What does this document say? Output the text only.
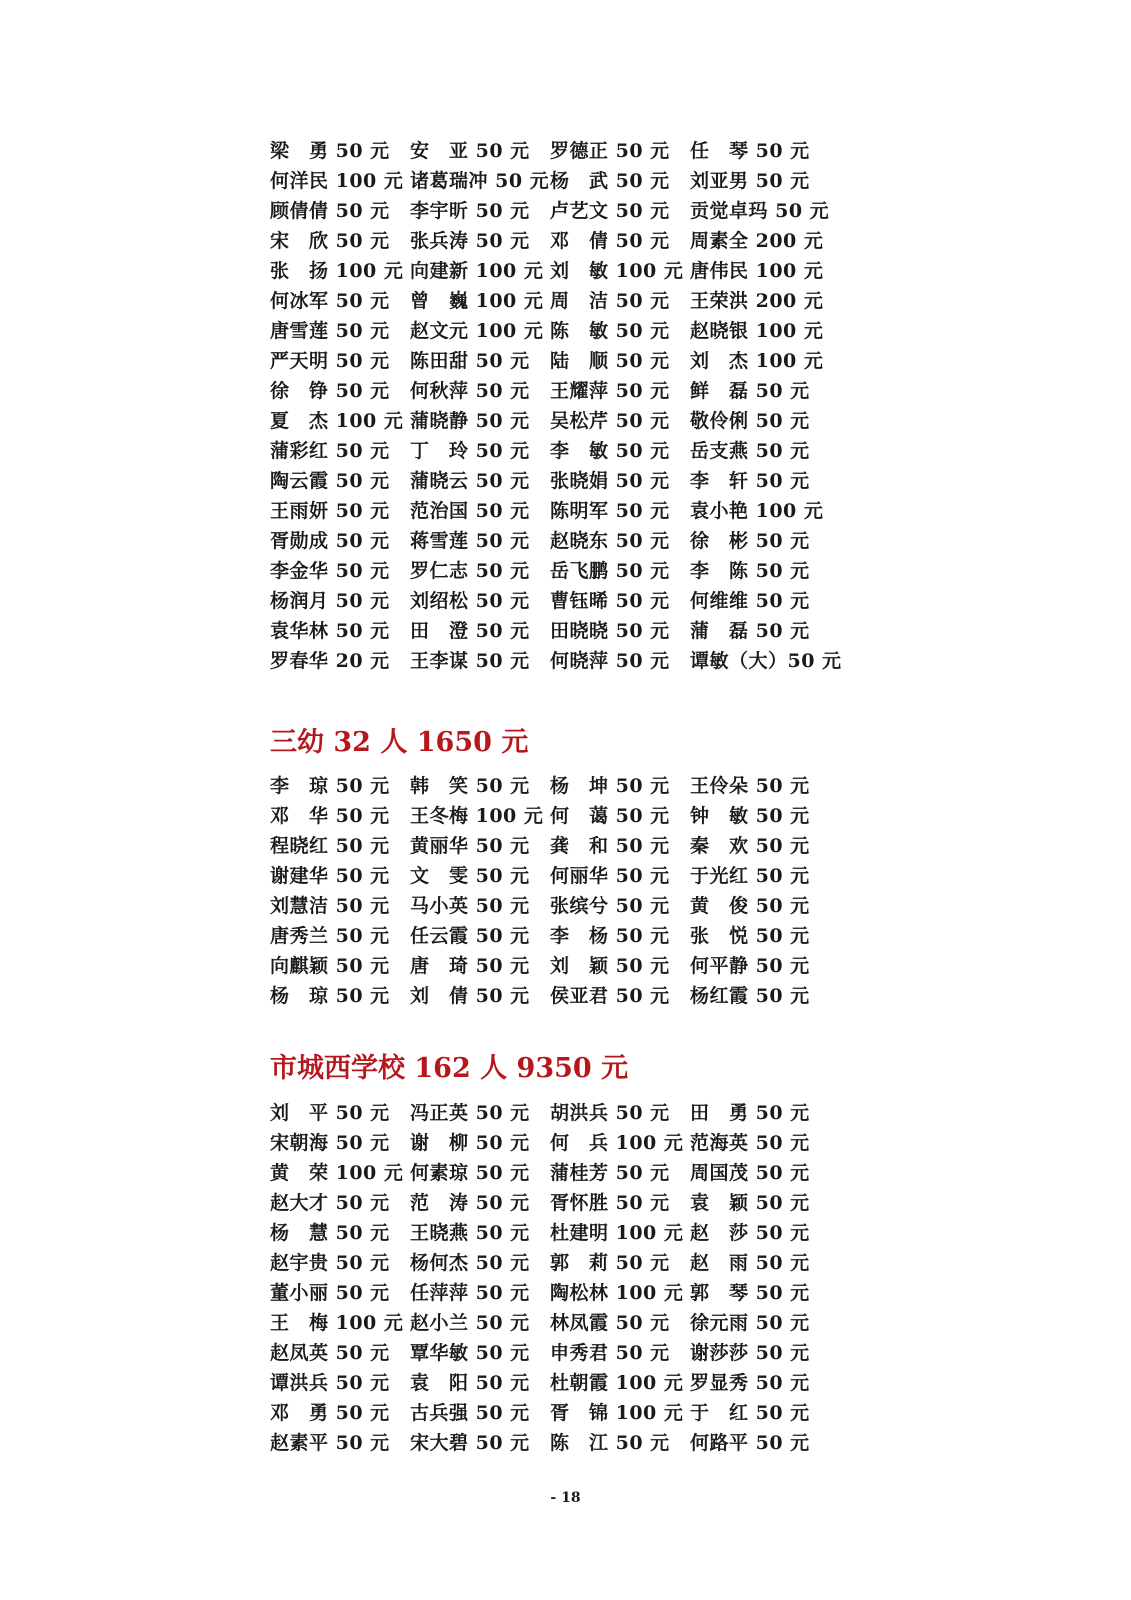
梁　勇 50 元	安　亚 50 元	罗德正 50 元	任　琴 50 元
何洋民 100 元 诸葛瑞冲 50 元 杨　武 50 元	刘亚男 50 元
顾倩倩 50 元	李宇昕 50 元	卢艺文 50 元	贡觉卓玛 50 元
宋　欣 50 元	张兵涛 50 元	邓　倩 50 元	周素全 200 元
张　扬 100 元 向建新 100 元 刘　敏 100 元 唐伟民 100 元
何冰军 50 元	曾　巍 100 元 周　洁 50 元	王荣洪 200 元
唐雪莲 50 元	赵文元 100 元 陈　敏 50 元	赵晓银 100 元
严天明 50 元	陈田甜 50 元	陆　顺 50 元	刘　杰 100 元
徐　铮 50 元	何秋萍 50 元	王耀萍 50 元	鲜　磊 50 元
夏　杰 100 元 蒲晓静 50 元	吴松芹 50 元	敬伶俐 50 元
蒲彩红 50 元	丁　玲 50 元	李　敏 50 元	岳支燕 50 元
陶云霞 50 元	蒲晓云 50 元	张晓娟 50 元	李　轩 50 元
王雨妍 50 元	范治国 50 元	陈明军 50 元	袁小艳 100 元
胥勋成 50 元	蒋雪莲 50 元	赵晓东 50 元	徐　彬 50 元
李金华 50 元	罗仁志 50 元	岳飞鹏 50 元	李　陈 50 元
杨润月 50 元	刘绍松 50 元	曹钰晞 50 元	何维维 50 元
袁华林 50 元	田　澄 50 元	田晓晓 50 元	蒲　磊 50 元
罗春华 20 元	王李谋 50 元	何晓萍 50 元	谭敏（大）50 元
三幼 32 人 1650 元
李　琼 50 元	韩　笑 50 元	杨　坤 50 元	王伶朵 50 元
邓　华 50 元	王冬梅 100 元 何　蔼 50 元	钟　敏 50 元
程晓红 50 元	黄丽华 50 元	龚　和 50 元	秦　欢 50 元
谢建华 50 元	文　雯 50 元	何丽华 50 元	于光红 50 元
刘慧洁 50 元	马小英 50 元	张缤兮 50 元	黄　俊 50 元
唐秀兰 50 元	任云霞 50 元	李　杨 50 元	张　悦 50 元
向麒颖 50 元	唐　琦 50 元	刘　颖 50 元	何平静 50 元
杨　琼 50 元	刘　倩 50 元	侯亚君 50 元	杨红霞 50 元
市城西学校 162 人 9350 元
刘　平 50 元	冯正英 50 元	胡洪兵 50 元	田　勇 50 元
宋朝海 50 元	谢　柳 50 元	何　兵 100 元 范海英 50 元
黄　荣 100 元 何素琼 50 元	蒲桂芳 50 元	周国茂 50 元
赵大才 50 元	范　涛 50 元	胥怀胜 50 元	袁　颖 50 元
杨　慧 50 元	王晓燕 50 元	杜建明 100 元 赵　莎 50 元
赵宇贵 50 元	杨何杰 50 元	郭　莉 50 元	赵　雨 50 元
董小丽 50 元	任萍萍 50 元	陶松林 100 元 郭　琴 50 元
王　梅 100 元 赵小兰 50 元	林凤霞 50 元	徐元雨 50 元
赵凤英 50 元	覃华敏 50 元	申秀君 50 元	谢莎莎 50 元
谭洪兵 50 元	袁　阳 50 元	杜朝霞 100 元 罗显秀 50 元
邓　勇 50 元	古兵强 50 元	胥　锦 100 元 于　红 50 元
赵素平 50 元	宋大碧 50 元	陈　江 50 元	何路平 50 元
- 18
